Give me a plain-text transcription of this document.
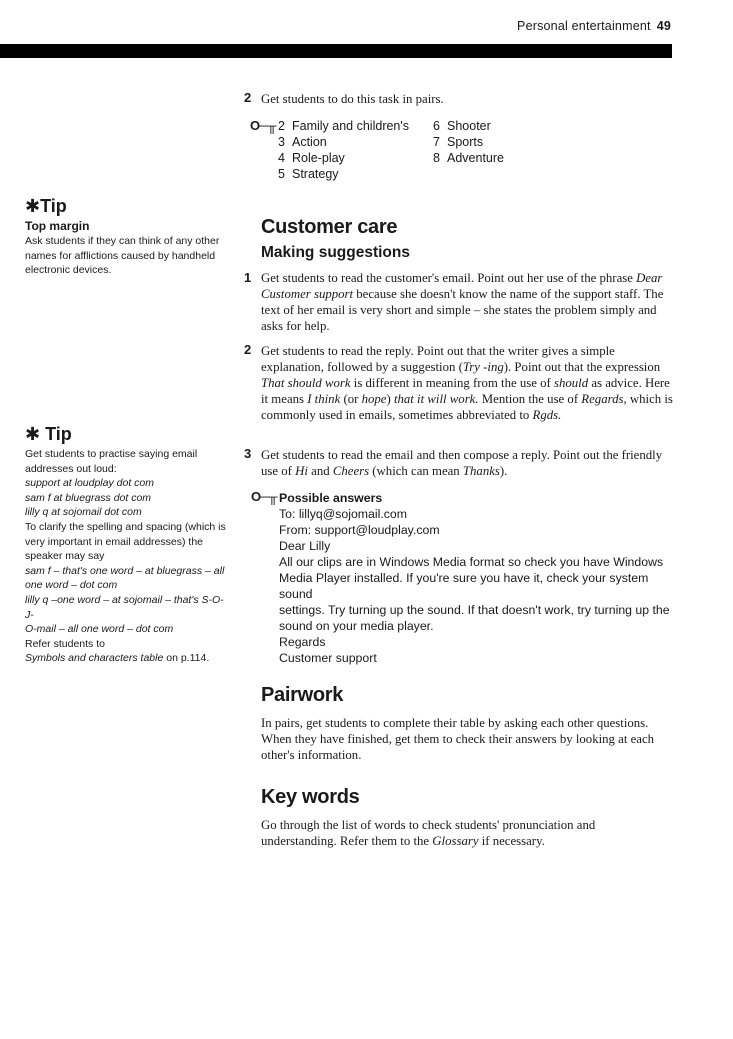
Personal entertainment 49
✱Tip
Top margin

Ask students if they can think of any other

names for afflictions caused by handheld

electronic devices.

✱ Tip

Get students to practise saying email

addresses out loud:

support at loudplay dot com

sam f at bluegrass dot com

lilly q at sojomail dot com

To clarify the spelling and spacing (which is

very important in email addresses) the

speaker may say

sam f – that's one word – at bluegrass – all

one word – dot com

lilly q –one word – at sojomail – that's S-O-J-

O-mail – all one word – dot com

Refer students to

Symbols and characters table on p.114.

2 Get students to do this task in pairs.
O─╥ 2 Family and children's
3 Action
4 Role-play
5 Strategy
6 Shooter
7 Sports
8 Adventure
Customer care
Making suggestions
1 Get students to read the customer's email. Point out her use of the phrase Dear Customer support because she doesn't know the name of the support staff. The text of her email is very short and simple – she states the problem simply and asks for help.
2 Get students to read the reply. Point out that the writer gives a simple explanation, followed by a suggestion (Try -ing). Point out that the expression That should work is different in meaning from the use of should as advice. Here it means I think (or hope) that it will work. Mention the use of Regards, which is commonly used in emails, sometimes abbreviated to Rgds.
3 Get students to read the email and then compose a reply. Point out the friendly use of Hi and Cheers (which can mean Thanks).
O─╥ Possible answers

To: lillyq@sojomail.com

From: support@loudplay.com

Dear Lilly

All our clips are in Windows Media format so check you have Windows

Media Player installed. If you're sure you have it, check your system sound

settings. Try turning up the sound. If that doesn't work, try turning up the

sound on your media player.

Regards

Customer support

Pairwork
In pairs, get students to complete their table by asking each other questions. When they have finished, get them to check their answers by looking at each other's information.
Key words
Go through the list of words to check students' pronunciation and understanding. Refer them to the Glossary if necessary.
